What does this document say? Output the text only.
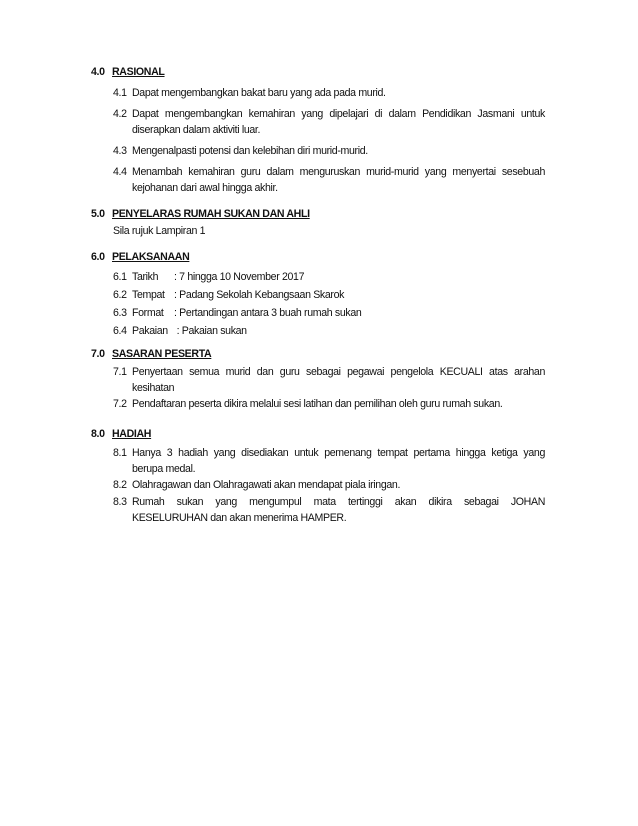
4.0 RASIONAL
4.1 Dapat mengembangkan bakat baru yang ada pada murid.
4.2 Dapat mengembangkan kemahiran yang dipelajari di dalam Pendidikan Jasmani untuk
diserapkan dalam aktiviti luar.
4.3 Mengenalpasti potensi dan kelebihan diri murid-murid.
4.4 Menambah kemahiran guru dalam menguruskan murid-murid yang menyertai sesebuah
kejohanan dari awal hingga akhir.
5.0 PENYELARAS RUMAH SUKAN DAN AHLI
Sila rujuk Lampiran 1
6.0 PELAKSANAAN
6.1 Tarikh : 7 hingga 10 November 2017
6.2 Tempat : Padang Sekolah Kebangsaan Skarok
6.3 Format : Pertandingan antara 3 buah rumah sukan
6.4 Pakaian : Pakaian sukan
7.0 SASARAN PESERTA
7.1 Penyertaan semua murid dan guru sebagai pegawai pengelola KECUALI atas arahan
kesihatan
7.2 Pendaftaran peserta dikira melalui sesi latihan dan pemilihan oleh guru rumah sukan.
8.0 HADIAH
8.1 Hanya 3 hadiah yang disediakan untuk pemenang tempat pertama hingga ketiga yang
berupa medal.
8.2 Olahragawan dan Olahragawati akan mendapat piala iringan.
8.3 Rumah sukan yang mengumpul mata tertinggi akan dikira sebagai JOHAN
KESELURUHAN dan akan menerima HAMPER.
